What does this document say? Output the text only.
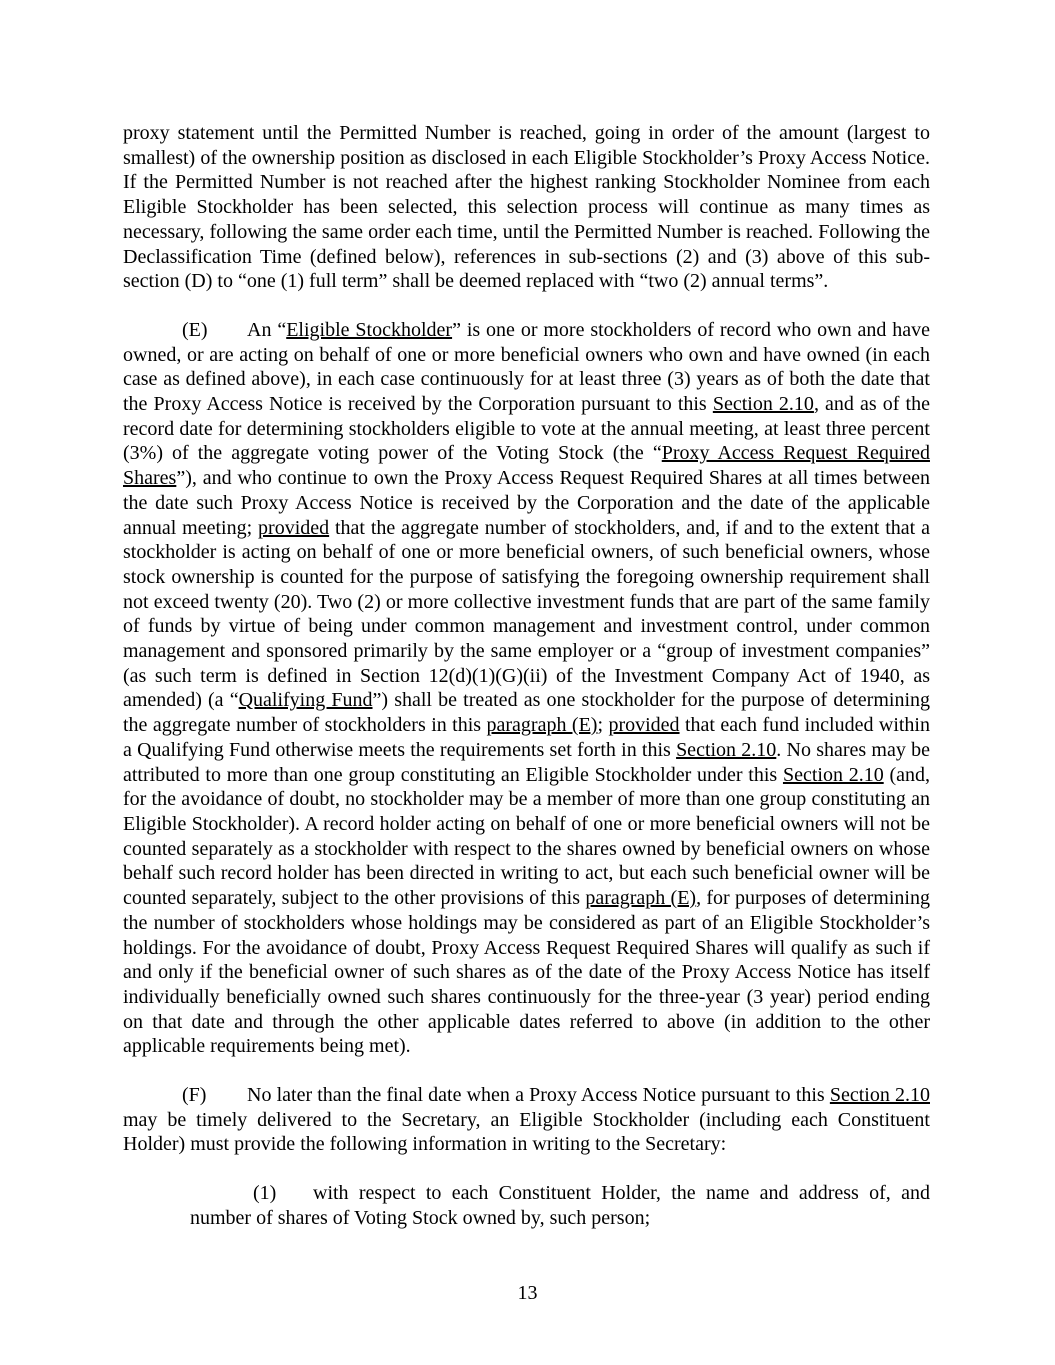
proxy statement until the Permitted Number is reached, going in order of the amount (largest to smallest) of the ownership position as disclosed in each Eligible Stockholder’s Proxy Access Notice. If the Permitted Number is not reached after the highest ranking Stockholder Nominee from each Eligible Stockholder has been selected, this selection process will continue as many times as necessary, following the same order each time, until the Permitted Number is reached. Following the Declassification Time (defined below), references in sub-sections (2) and (3) above of this sub-section (D) to “one (1) full term” shall be deemed replaced with “two (2) annual terms”.

(E) An “Eligible Stockholder” is one or more stockholders of record who own and have owned, or are acting on behalf of one or more beneficial owners who own and have owned (in each case as defined above), in each case continuously for at least three (3) years as of both the date that the Proxy Access Notice is received by the Corporation pursuant to this Section 2.10, and as of the record date for determining stockholders eligible to vote at the annual meeting, at least three percent (3%) of the aggregate voting power of the Voting Stock (the “Proxy Access Request Required Shares”), and who continue to own the Proxy Access Request Required Shares at all times between the date such Proxy Access Notice is received by the Corporation and the date of the applicable annual meeting; provided that the aggregate number of stockholders, and, if and to the extent that a stockholder is acting on behalf of one or more beneficial owners, of such beneficial owners, whose stock ownership is counted for the purpose of satisfying the foregoing ownership requirement shall not exceed twenty (20). Two (2) or more collective investment funds that are part of the same family of funds by virtue of being under common management and investment control, under common management and sponsored primarily by the same employer or a “group of investment companies” (as such term is defined in Section 12(d)(1)(G)(ii) of the Investment Company Act of 1940, as amended) (a “Qualifying Fund”) shall be treated as one stockholder for the purpose of determining the aggregate number of stockholders in this paragraph (E); provided that each fund included within a Qualifying Fund otherwise meets the requirements set forth in this Section 2.10. No shares may be attributed to more than one group constituting an Eligible Stockholder under this Section 2.10 (and, for the avoidance of doubt, no stockholder may be a member of more than one group constituting an Eligible Stockholder). A record holder acting on behalf of one or more beneficial owners will not be counted separately as a stockholder with respect to the shares owned by beneficial owners on whose behalf such record holder has been directed in writing to act, but each such beneficial owner will be counted separately, subject to the other provisions of this paragraph (E), for purposes of determining the number of stockholders whose holdings may be considered as part of an Eligible Stockholder’s holdings. For the avoidance of doubt, Proxy Access Request Required Shares will qualify as such if and only if the beneficial owner of such shares as of the date of the Proxy Access Notice has itself individually beneficially owned such shares continuously for the three-year (3 year) period ending on that date and through the other applicable dates referred to above (in addition to the other applicable requirements being met).

(F) No later than the final date when a Proxy Access Notice pursuant to this Section 2.10 may be timely delivered to the Secretary, an Eligible Stockholder (including each Constituent Holder) must provide the following information in writing to the Secretary:

(1) with respect to each Constituent Holder, the name and address of, and number of shares of Voting Stock owned by, such person;

13
